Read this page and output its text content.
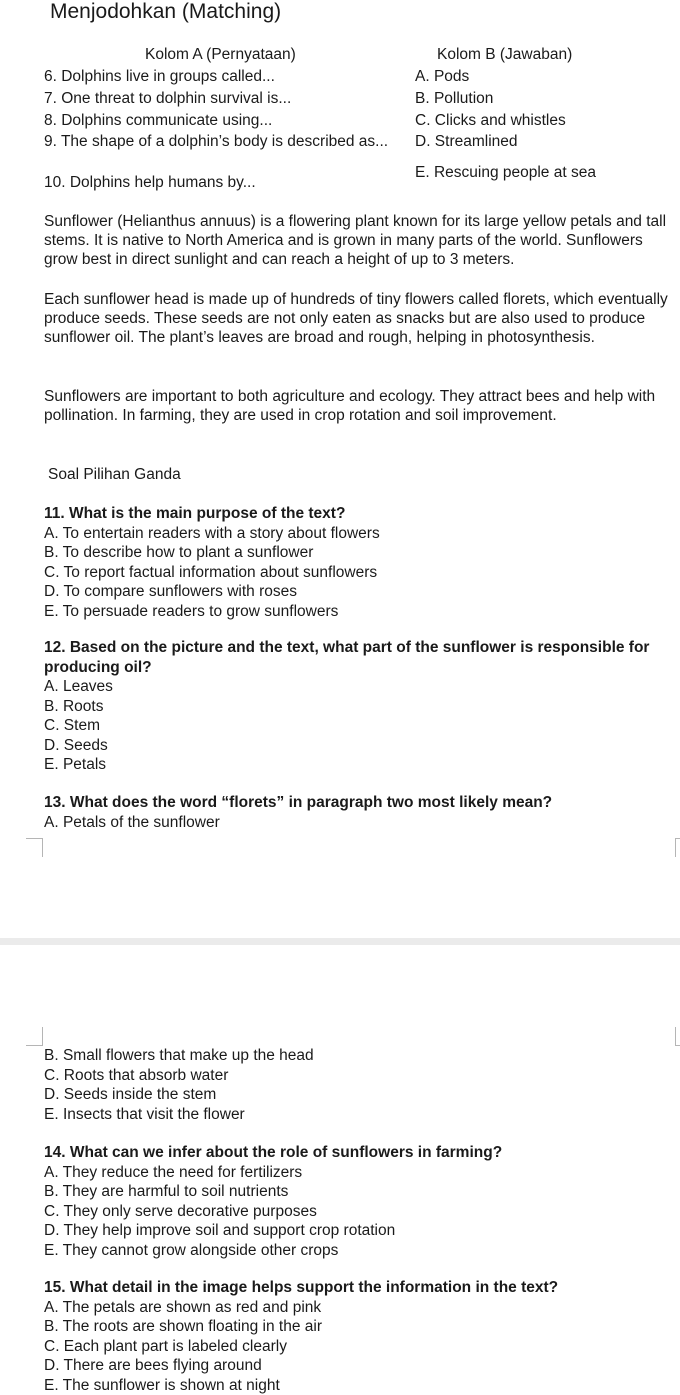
Menjodohkan (Matching)
Kolom A (Pernyataan)	Kolom B (Jawaban)
6. Dolphins live in groups called...
7. One threat to dolphin survival is...
8. Dolphins communicate using...
9. The shape of a dolphin’s body is described as...
10. Dolphins help humans by...
A. Pods
B. Pollution
C. Clicks and whistles
D. Streamlined
E. Rescuing people at sea
Sunflower (Helianthus annuus) is a flowering plant known for its large yellow petals and tall stems. It is native to North America and is grown in many parts of the world. Sunflowers grow best in direct sunlight and can reach a height of up to 3 meters.
Each sunflower head is made up of hundreds of tiny flowers called florets, which eventually produce seeds. These seeds are not only eaten as snacks but are also used to produce sunflower oil. The plant’s leaves are broad and rough, helping in photosynthesis.
Sunflowers are important to both agriculture and ecology. They attract bees and help with pollination. In farming, they are used in crop rotation and soil improvement.
Soal Pilihan Ganda
11. What is the main purpose of the text?
A. To entertain readers with a story about flowers
B. To describe how to plant a sunflower
C. To report factual information about sunflowers
D. To compare sunflowers with roses
E. To persuade readers to grow sunflowers
12. Based on the picture and the text, what part of the sunflower is responsible for producing oil?
A. Leaves
B. Roots
C. Stem
D. Seeds
E. Petals
13. What does the word “florets” in paragraph two most likely mean?
A. Petals of the sunflower
B. Small flowers that make up the head
C. Roots that absorb water
D. Seeds inside the stem
E. Insects that visit the flower
14. What can we infer about the role of sunflowers in farming?
A. They reduce the need for fertilizers
B. They are harmful to soil nutrients
C. They only serve decorative purposes
D. They help improve soil and support crop rotation
E. They cannot grow alongside other crops
15. What detail in the image helps support the information in the text?
A. The petals are shown as red and pink
B. The roots are shown floating in the air
C. Each plant part is labeled clearly
D. There are bees flying around
E. The sunflower is shown at night
